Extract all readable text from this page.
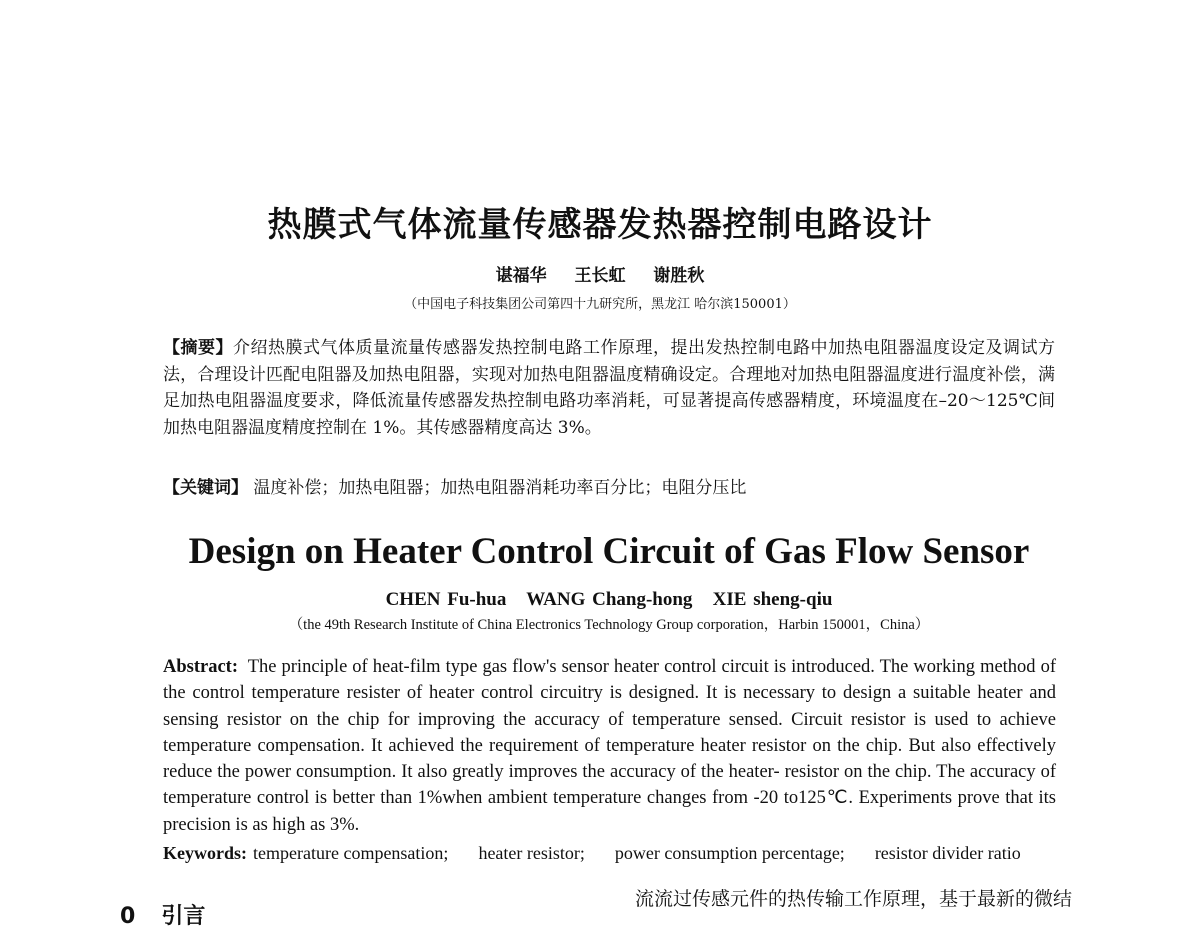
热膜式气体流量传感器发热器控制电路设计
谌福华 王长虹 谢胜秋
（中国电子科技集团公司第四十九研究所，黑龙江 哈尔滨150001）
【摘要】介绍热膜式气体质量流量传感器发热控制电路工作原理，提出发热控制电路中加热电阻器温度设定及调试方法，合理设计匹配电阻器及加热电阻器，实现对加热电阻器温度精确设定。合理地对加热电阻器温度进行温度补偿，满足加热电阻器温度要求，降低流量传感器发热控制电路功率消耗，可显著提高传感器精度，环境温度在–20～125℃间加热电阻器温度精度控制在 1%。其传感器精度高达 3%。
【关键词】 温度补偿；加热电阻器；加热电阻器消耗功率百分比；电阻分压比
Design on Heater Control Circuit of Gas Flow Sensor
CHEN Fu-hua   WANG Chang-hong   XIE sheng-qiu
（the 49th Research Institute of China Electronics Technology Group corporation，Harbin 150001，China）
Abstract: The principle of heat-film type gas flow's sensor heater control circuit is introduced. The working method of the control temperature resister of heater control circuitry is designed. It is necessary to design a suitable heater and sensing resistor on the chip for improving the accuracy of temperature sensed. Circuit resistor is used to achieve temperature compensation. It achieved the requirement of temperature heater resistor on the chip. But also effectively reduce the power consumption. It also greatly improves the accuracy of the heater- resistor on the chip. The accuracy of temperature control is better than 1%when ambient temperature changes from -20 to125℃. Experiments prove that its precision is as high as 3%.
Keywords: temperature compensation; heater resistor; power consumption percentage; resistor divider ratio
流流过传感元件的热传输工作原理，基于最新的微结
0 引言
